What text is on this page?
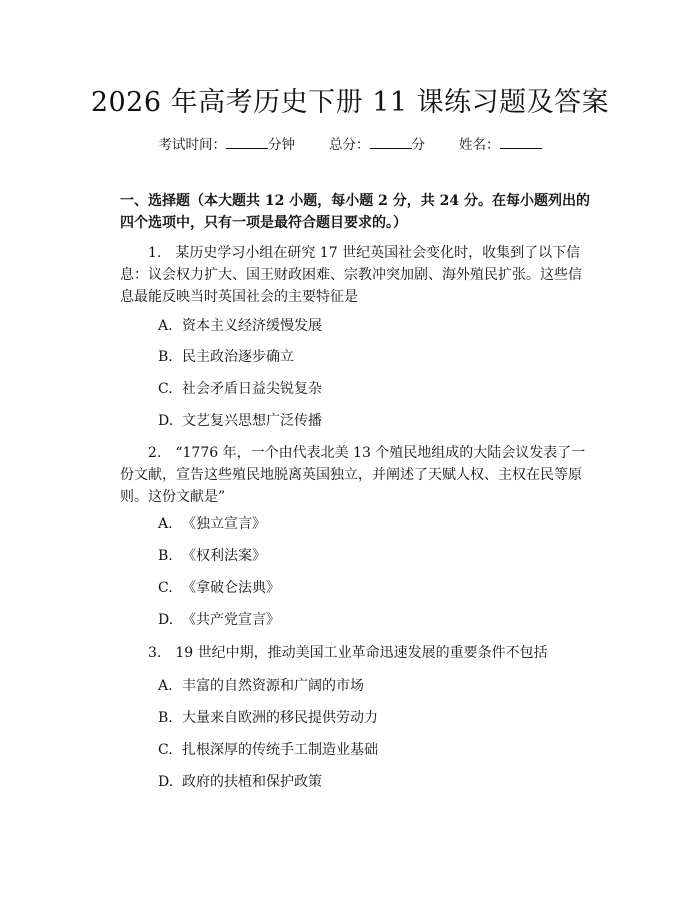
2026 年高考历史下册 11 课练习题及答案
考试时间：	分钟	总分：	分	姓名：
一、选择题（本大题共 12 小题，每小题 2 分，共 24 分。在每小题列出的四个选项中，只有一项是最符合题目要求的。）
1. 某历史学习小组在研究 17 世纪英国社会变化时，收集到了以下信息：议会权力扩大、国王财政困难、宗教冲突加剧、海外殖民扩张。这些信息最能反映当时英国社会的主要特征是
A. 资本主义经济缓慢发展
B. 民主政治逐步确立
C. 社会矛盾日益尖锐复杂
D. 文艺复兴思想广泛传播
2. “1776 年，一个由代表北美 13 个殖民地组成的大陆会议发表了一份文献，宣告这些殖民地脱离英国独立，并阐述了天赋人权、主权在民等原则。这份文献是”
A. 《独立宣言》
B. 《权利法案》
C. 《拿破仑法典》
D. 《共产党宣言》
3. 19 世纪中期，推动美国工业革命迅速发展的重要条件不包括
A. 丰富的自然资源和广阔的市场
B. 大量来自欧洲的移民提供劳动力
C. 扎根深厚的传统手工制造业基础
D. 政府的扶植和保护政策
